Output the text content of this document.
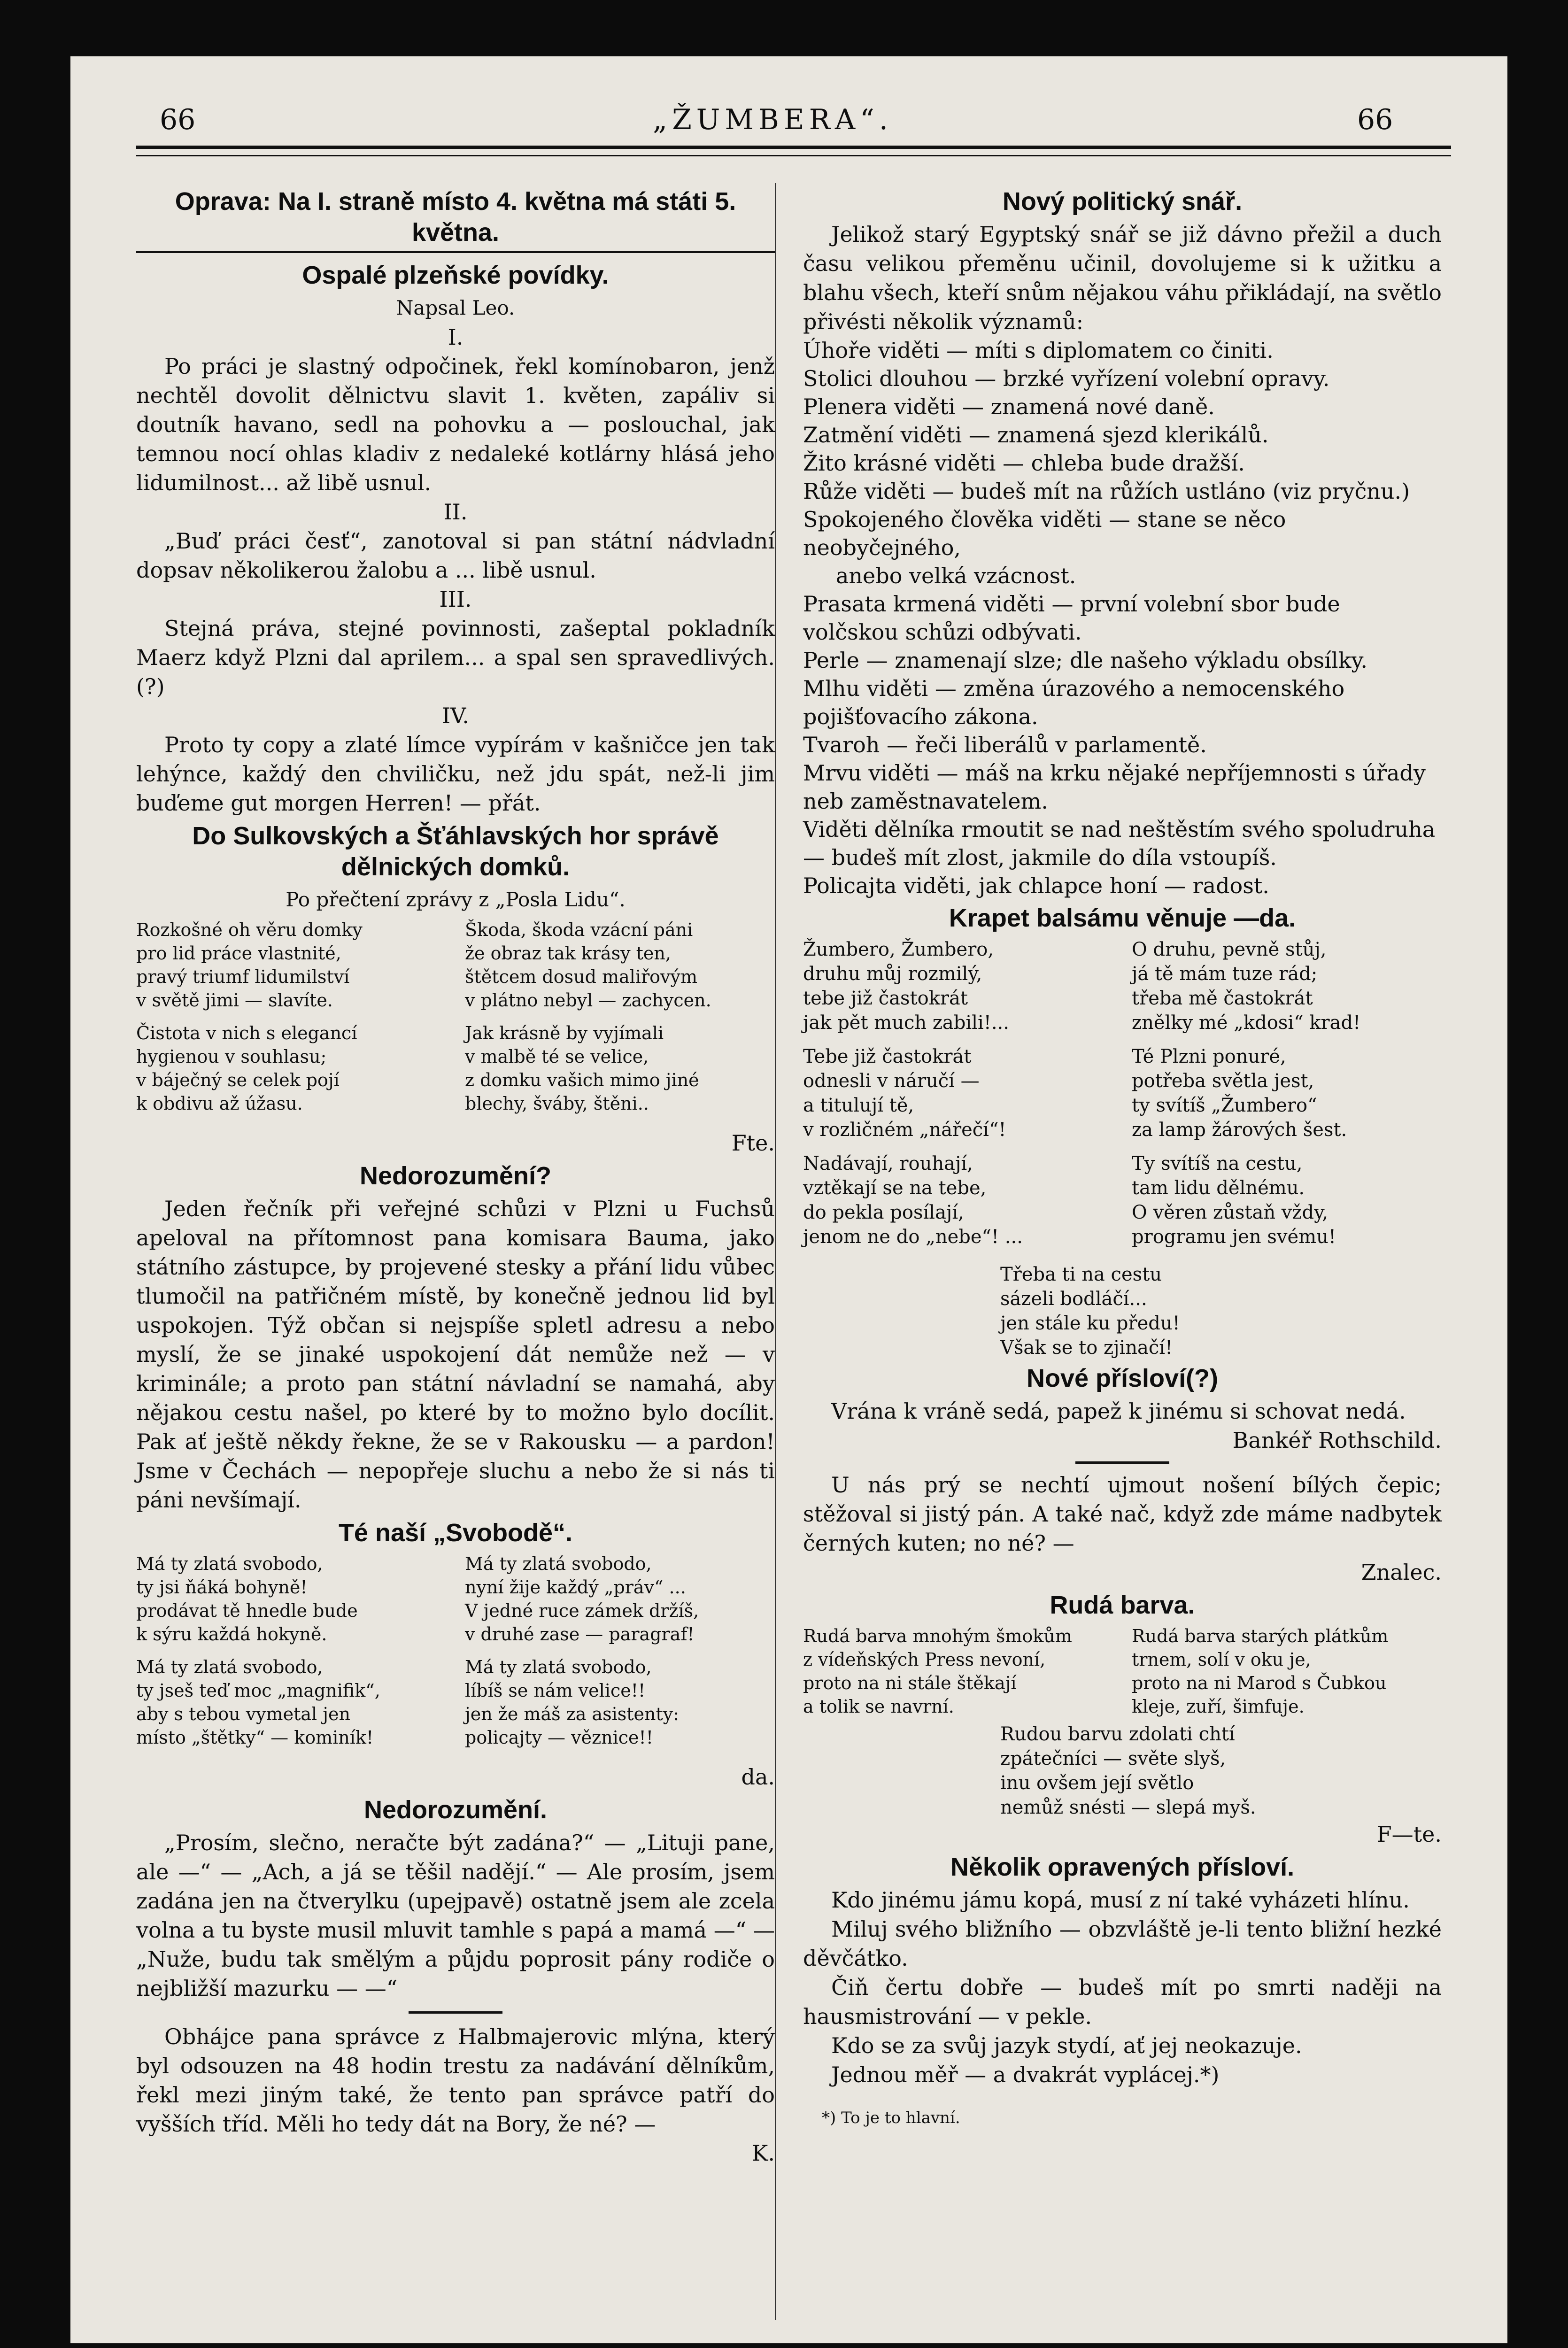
66	„ŽUMBERA“.	66
Oprava: Na I. straně místo 4. května má státi 5. května.
Ospalé plzeňské povídky.
Napsal Leo.
I.

Po práci je slastný odpočinek, řekl komínobaron, jenž nechtěl dovolit dělnictvu slavit 1. květen, zapáliv si doutník havano, sedl na pohovku a — poslouchal, jak temnou nocí ohlas kladiv z nedaleké kotlárny hlásá jeho lidumilnost... až libě usnul.

II.

„Buď práci česť“, zanotoval si pan státní nádvladní dopsav několikerou žalobu a ... libě usnul.

III.

Stejná práva, stejné povinnosti, zašeptal pokladník Maerz když Plzni dal aprilem... a spal sen spravedlivých. (?)

IV.

Proto ty copy a zlaté límce vypírám v kašničce jen tak lehýnce, každý den chviličku, než jdu spát, než-li jim buďeme gut morgen Herren! — přát.

Do Sulkovských a Šťáhlavských hor správě dělnických domků.
Po přečtení zprávy z „Posla Lidu“.
Rozkošné oh věru domky
pro lid práce vlastnité,
pravý triumf lidumilství
v světě jimi — slavíte.
Čistota v nich s elegancí
hygienou v souhlasu;
v báječný se celek pojí
k obdivu až úžasu.
Škoda, škoda vzácní páni
že obraz tak krásy ten,
štětcem dosud maliřovým
v plátno nebyl — zachycen.
Jak krásně by vyjímali
v malbě té se velice,
z domku vašich mimo jiné
blechy, šváby, štěni..
Fte.
Nedorozumění?

Jeden řečník při veřejné schůzi v Plzni u Fuchsů apeloval na přítomnost pana komisara Bauma, jako státního zástupce, by projevené stesky a přání lidu vůbec tlumočil na patřičném místě, by konečně jednou lid byl uspokojen. Týž občan si nejspíše spletl adresu a nebo myslí, že se jinaké uspokojení dát nemůže než — v kriminále; a proto pan státní návladní se namahá, aby nějakou cestu našel, po které by to možno bylo docílit. Pak ať ještě někdy řekne, že se v Rakousku — a pardon! Jsme v Čechách — nepopřeje sluchu a nebo že si nás ti páni nevšímají.

Té naší „Svobodě“.
Má ty zlatá svobodo,
ty jsi ňáká bohyně!
prodávat tě hnedle bude
k sýru každá hokyně.
Má ty zlatá svobodo,
ty jseš teď moc „magnifik“,
aby s tebou vymetal jen
místo „štětky“ — kominík!
Má ty zlatá svobodo,
nyní žije každý „práv“ ...
V jedné ruce zámek držíš,
v druhé zase — paragraf!
Má ty zlatá svobodo,
líbíš se nám velice!!
jen že máš za asistenty:
policajty — věznice!!
da.
Nedorozumění.

„Prosím, slečno, neračte být zadána?“ — „Lituji pane, ale —“ — „Ach, a já se těšil nadějí.“ — Ale prosím, jsem zadána jen na čtverylku (upejpavě) ostatně jsem ale zcela volna a tu byste musil mluvit tamhle s papá a mamá —“ — „Nuže, budu tak smělým a půjdu poprosit pány rodiče o nejbližší mazurku — —“

Obhájce pana správce z Halbmajerovic mlýna, který byl odsouzen na 48 hodin trestu za nadávání dělníkům, řekl mezi jiným také, že tento pan správce patří do vyšších tříd. Měli ho tedy dát na Bory, že né? —

K.
Nový politický snář.

Jelikož starý Egyptský snář se již dávno přežil a duch času velikou přeměnu učinil, dovolujeme si k užitku a blahu všech, kteří snům nějakou váhu přikládají, na světlo přivésti několik významů:

Úhoře viděti — míti s diplomatem co činiti.
Stolici dlouhou — brzké vyřízení volební opravy.
Plenera viděti — znamená nové daně.
Zatmění viděti — znamená sjezd klerikálů.
Žito krásné viděti — chleba bude dražší.
Růže viděti — budeš mít na růžích ustláno (viz pryčnu.)
Spokojeného člověka viděti — stane se něco neobyčejného,
anebo velká vzácnost.
Prasata krmená viděti — první volební sbor bude volčskou schůzi odbývati.
Perle — znamenají slze; dle našeho výkladu obsílky.
Mlhu viděti — změna úrazového a nemocenského pojišťovacího zákona.
Tvaroh — řeči liberálů v parlamentě.
Mrvu viděti — máš na krku nějaké nepříjemnosti s úřady neb zaměstnavatelem.
Viděti dělníka rmoutit se nad neštěstím svého spoludruha — budeš mít zlost, jakmile do díla vstoupíš.
Policajta viděti, jak chlapce honí — radost.
Krapet balsámu věnuje —da.
Žumbero, Žumbero,
druhu můj rozmilý,
tebe již častokrát
jak pět much zabili!...
Tebe již častokrát
odnesli v náručí —
a titulují tě,
v rozličném „nářečí“!
Nadávají, rouhají,
vztěkají se na tebe,
do pekla posílají,
jenom ne do „nebe“! ...
O druhu, pevně stůj,
já tě mám tuze rád;
třeba mě častokrát
znělky mé „kdosi“ krad!
Té Plzni ponuré,
potřeba světla jest,
ty svítíš „Žumbero“
za lamp žárových šest.
Ty svítíš na cestu,
tam lidu dělnému.
O věren zůstaň vždy,
programu jen svému!
Třeba ti na cestu
sázeli bodláčí...
jen stále ku předu!
Však se to zjinačí!
Nové přísloví(?)

Vrána k vráně sedá, papež k jinému si schovat nedá.

Bankéř Rothschild.

U nás prý se nechtí ujmout nošení bílých čepic; stěžoval si jistý pán. A také nač, když zde máme nadbytek černých kuten; no né? —

Znalec.
Rudá barva.
Rudá barva mnohým šmokům
z vídeňských Press nevoní,
proto na ni stále štěkají
a tolik se navrní.
Rudá barva starých plátkům
trnem, solí v oku je,
proto na ni Marod s Čubkou
kleje, zuří, šimfuje.
Rudou barvu zdolati chtí
zpátečníci — světe slyš,
inu ovšem její světlo
nemůž snésti — slepá myš.
F—te.
Několik opravených přísloví.

Kdo jinému jámu kopá, musí z ní také vyházeti hlínu.

Miluj svého bližního — obzvláště je-li tento bližní hezké děvčátko.

Čiň čertu dobře — budeš mít po smrti naději na hausmistrování — v pekle.

Kdo se za svůj jazyk stydí, ať jej neokazuje.

Jednou měř — a dvakrát vyplácej.*)

*) To je to hlavní.
